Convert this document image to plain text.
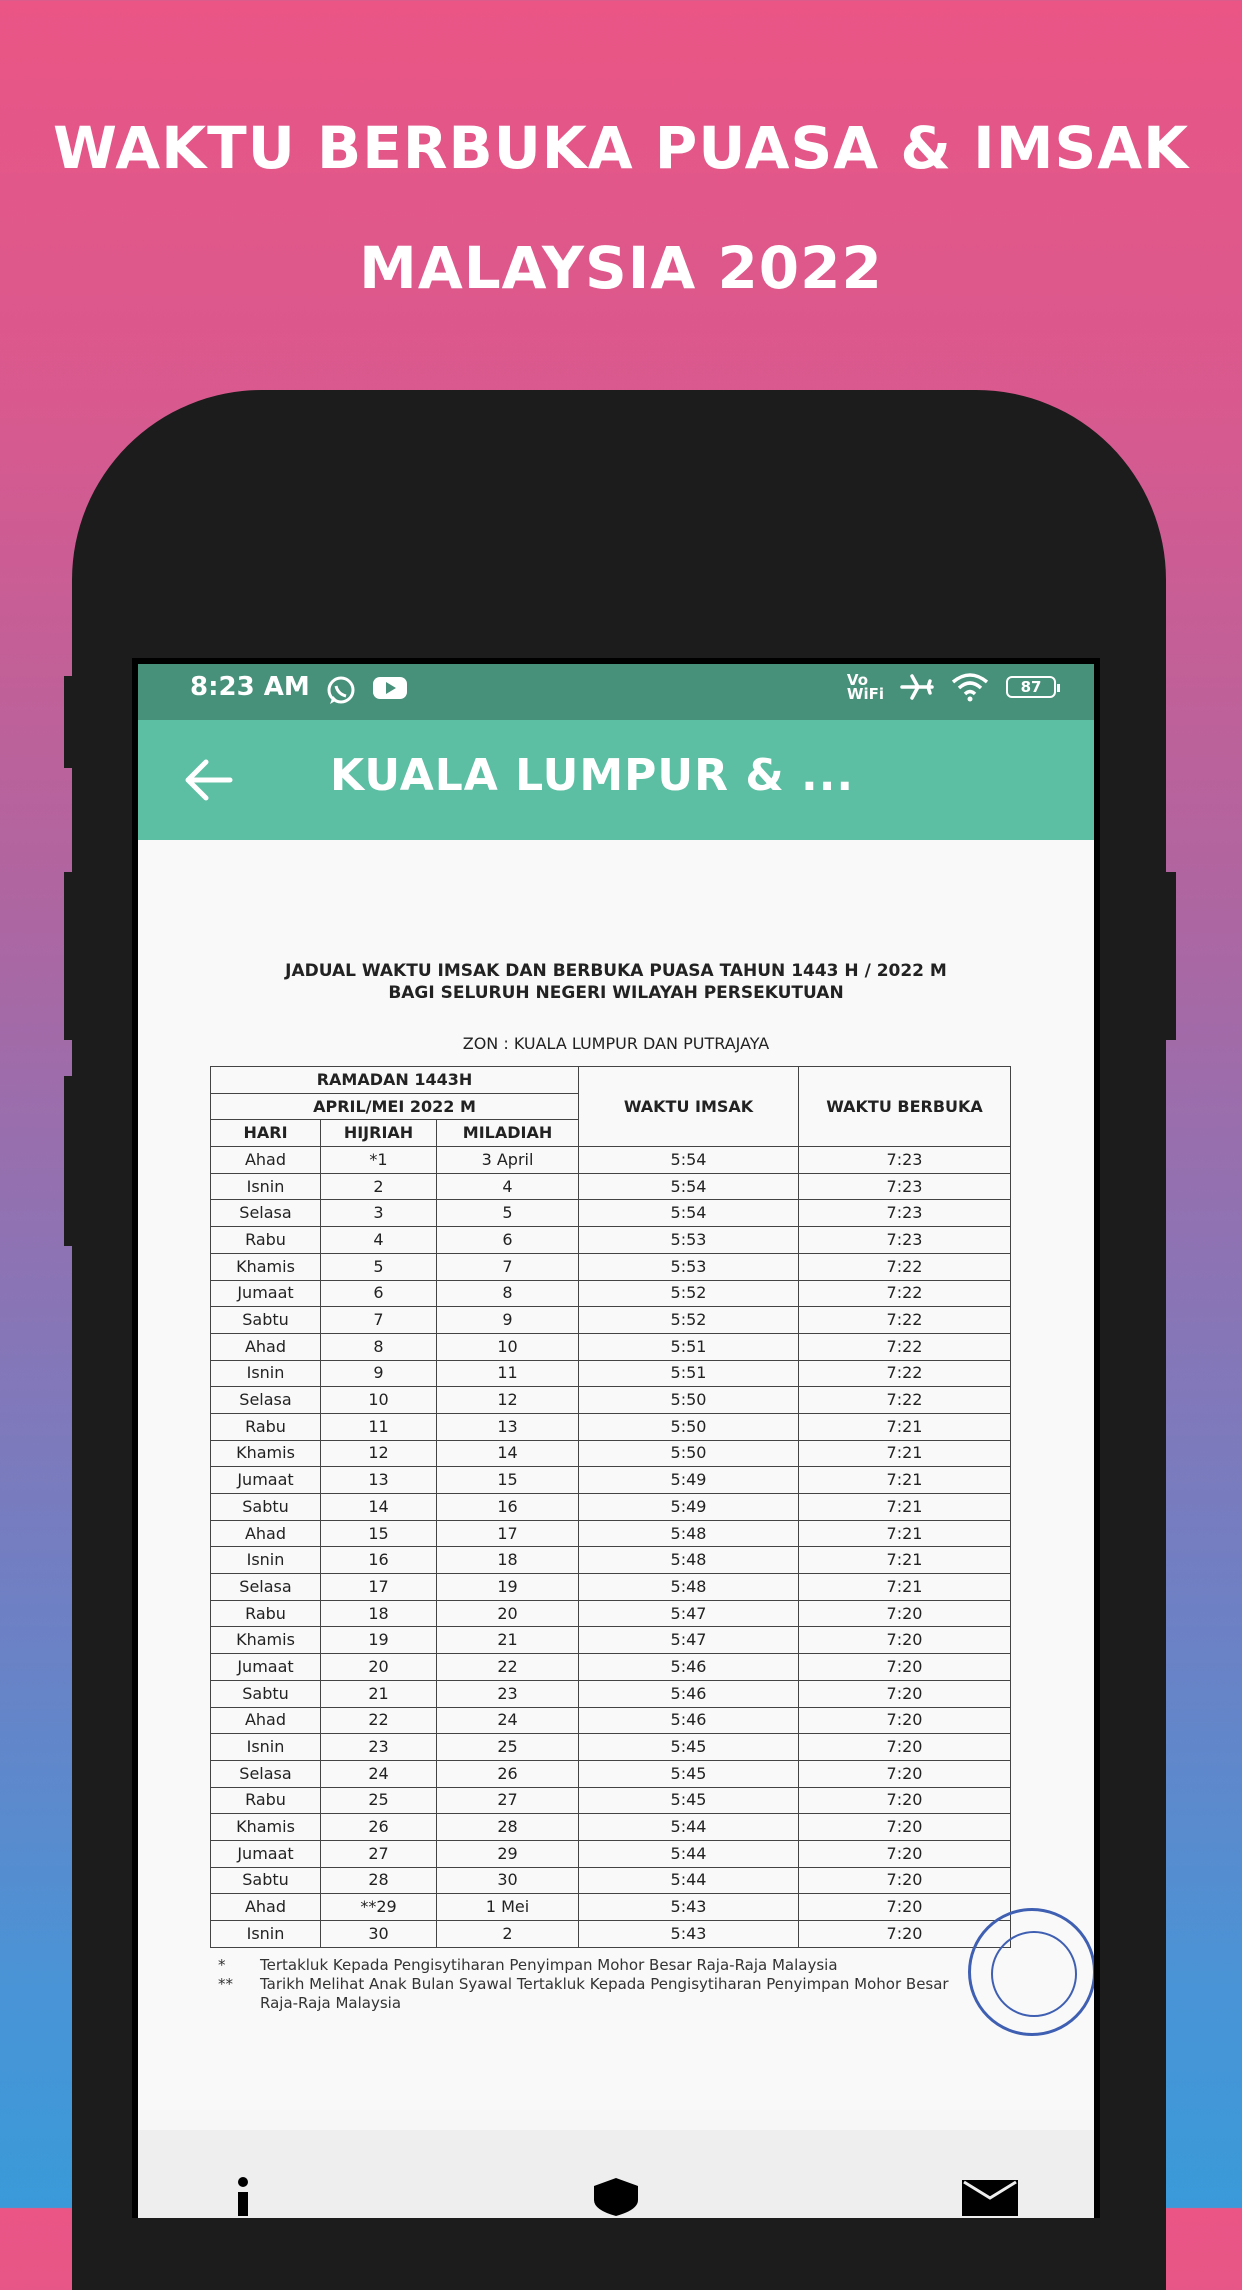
WAKTU BERBUKA PUASA & IMSAK
MALAYSIA 2022
8:23 AM	Vo
WiFi	87
KUALA LUMPUR & ...
JADUAL WAKTU IMSAK DAN BERBUKA PUASA TAHUN 1443 H / 2022 M
BAGI SELURUH NEGERI WILAYAH PERSEKUTUAN
ZON : KUALA LUMPUR DAN PUTRAJAYA
RAMADAN 1443H			WAKTU IMSAK	WAKTU BERBUKA
APRIL/MEI 2022 M				
HARI	HIJRIAH	MILADIAH		
Ahad	*1	3 April	5:54	7:23
Isnin	2	4	5:54	7:23
Selasa	3	5	5:54	7:23
Rabu	4	6	5:53	7:23
Khamis	5	7	5:53	7:22
Jumaat	6	8	5:52	7:22
Sabtu	7	9	5:52	7:22
Ahad	8	10	5:51	7:22
Isnin	9	11	5:51	7:22
Selasa	10	12	5:50	7:22
Rabu	11	13	5:50	7:21
Khamis	12	14	5:50	7:21
Jumaat	13	15	5:49	7:21
Sabtu	14	16	5:49	7:21
Ahad	15	17	5:48	7:21
Isnin	16	18	5:48	7:21
Selasa	17	19	5:48	7:21
Rabu	18	20	5:47	7:20
Khamis	19	21	5:47	7:20
Jumaat	20	22	5:46	7:20
Sabtu	21	23	5:46	7:20
Ahad	22	24	5:46	7:20
Isnin	23	25	5:45	7:20
Selasa	24	26	5:45	7:20
Rabu	25	27	5:45	7:20
Khamis	26	28	5:44	7:20
Jumaat	27	29	5:44	7:20
Sabtu	28	30	5:44	7:20
Ahad	**29	1 Mei	5:43	7:20
Isnin	30	2	5:43	7:20
*	Tertakluk Kepada Pengisytiharan Penyimpan Mohor Besar Raja-Raja Malaysia
**	Tarikh Melihat Anak Bulan Syawal Tertakluk Kepada Pengisytiharan Penyimpan Mohor Besar Raja-Raja Malaysia
